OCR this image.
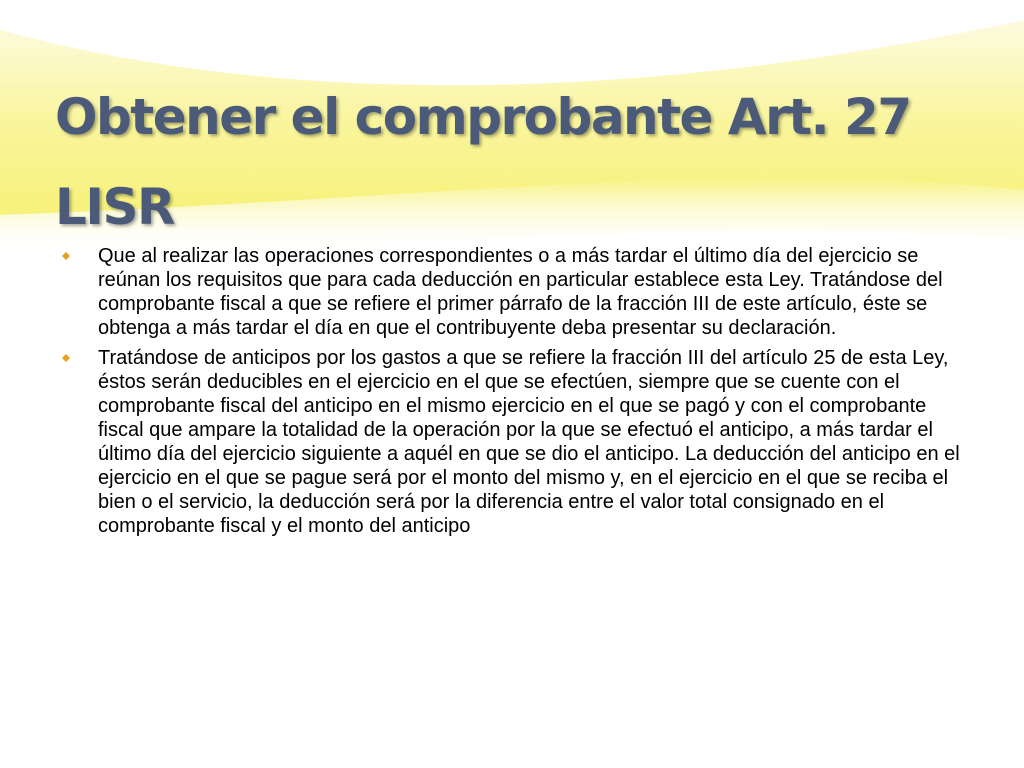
Obtener el comprobante Art. 27 LISR
Que al realizar las operaciones correspondientes o a más tardar el último día del ejercicio se reúnan los requisitos que para cada deducción en particular establece esta Ley. Tratándose del comprobante fiscal a que se refiere el primer párrafo de la fracción III de este artículo, éste se obtenga a más tardar el día en que el contribuyente deba presentar su declaración.
Tratándose de anticipos por los gastos a que se refiere la fracción III del artículo 25 de esta Ley, éstos serán deducibles en el ejercicio en el que se efectúen, siempre que se cuente con el comprobante fiscal del anticipo en el mismo ejercicio en el que se pagó y con el comprobante fiscal que ampare la totalidad de la operación por la que se efectuó el anticipo, a más tardar el último día del ejercicio siguiente a aquél en que se dio el anticipo. La deducción del anticipo en el ejercicio en el que se pague será por el monto del mismo y, en el ejercicio en el que se reciba el bien o el servicio, la deducción será por la diferencia entre el valor total consignado en el comprobante fiscal y el monto del anticipo
